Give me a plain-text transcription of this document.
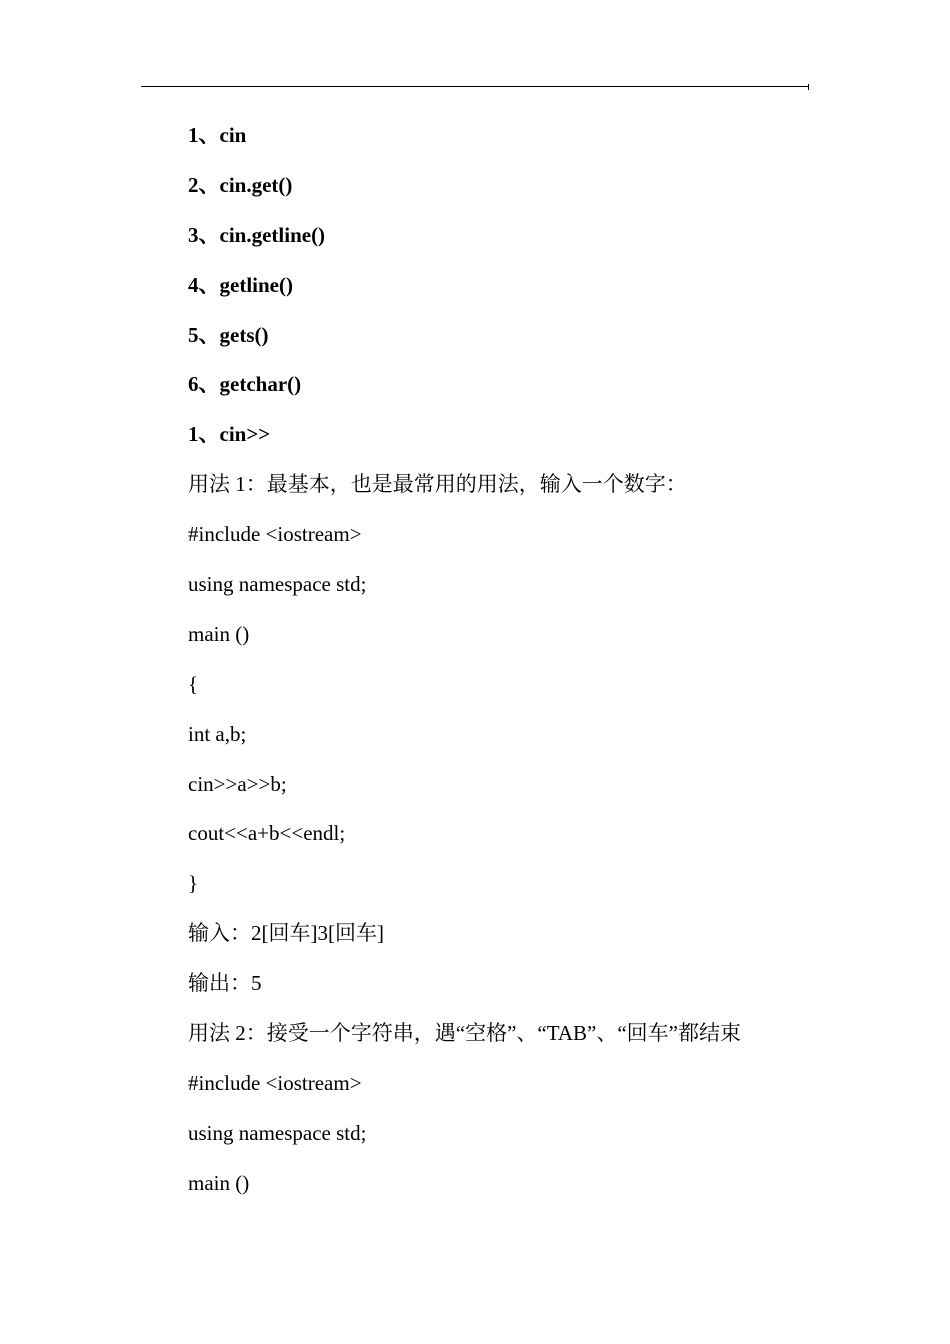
1、cin
2、cin.get()
3、cin.getline()
4、getline()
5、gets()
6、getchar()
1、cin>>
用法 1：最基本，也是最常用的用法，输入一个数字：
#include <iostream>
using namespace std;
main ()
{
int a,b;
cin>>a>>b;
cout<<a+b<<endl;
}
输入：2[回车]3[回车]
输出：5
用法 2：接受一个字符串，遇“空格”、“TAB”、“回车”都结束
#include <iostream>
using namespace std;
main ()
